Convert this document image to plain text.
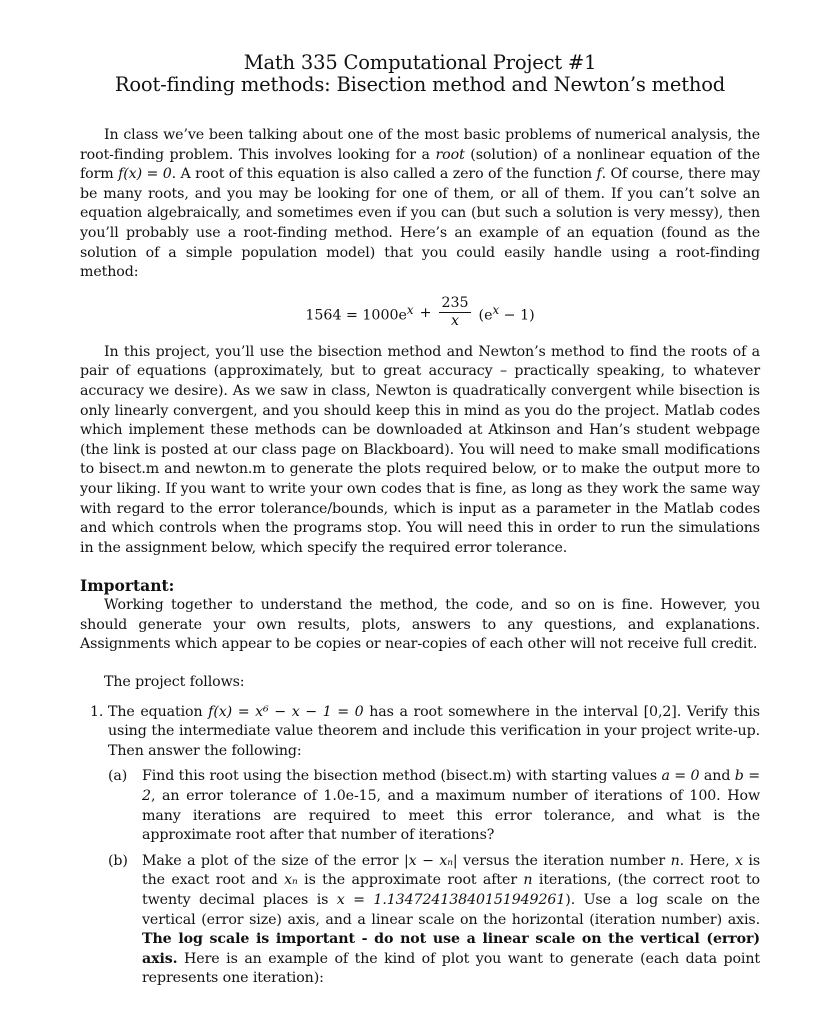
Math 335 Computational Project #1
Root-finding methods: Bisection method and Newton’s method

In class we’ve been talking about one of the most basic problems of numerical analysis, the root-finding problem. This involves looking for a root (solution) of a nonlinear equation of the form f(x) = 0. A root of this equation is also called a zero of the function f. Of course, there may be many roots, and you may be looking for one of them, or all of them. If you can’t solve an equation algebraically, and sometimes even if you can (but such a solution is very messy), then you’ll probably use a root-finding method. Here’s an example of an equation (found as the solution of a simple population model) that you could easily handle using a root-finding method:

$1564 = 1000e^x + \frac{235}{x} (e^x - 1)$

In this project, you’ll use the bisection method and Newton’s method to find the roots of a pair of equations (approximately, but to great accuracy – practically speaking, to whatever accuracy we desire). As we saw in class, Newton is quadratically convergent while bisection is only linearly convergent, and you should keep this in mind as you do the project. Matlab codes which implement these methods can be downloaded at Atkinson and Han’s student webpage (the link is posted at our class page on Blackboard). You will need to make small modifications to bisect.m and newton.m to generate the plots required below, or to make the output more to your liking. If you want to write your own codes that is fine, as long as they work the same way with regard to the error tolerance/bounds, which is input as a parameter in the Matlab codes and which controls when the programs stop. You will need this in order to run the simulations in the assignment below, which specify the required error tolerance.

Important:

Working together to understand the method, the code, and so on is fine. However, you should generate your own results, plots, answers to any questions, and explanations. Assignments which appear to be copies or near-copies of each other will not receive full credit.

The project follows:

1. The equation f(x) = x⁶ − x − 1 = 0 has a root somewhere in the interval [0,2]. Verify this using the intermediate value theorem and include this verification in your project write-up. Then answer the following:
(a) Find this root using the bisection method (bisect.m) with starting values a = 0 and b = 2, an error tolerance of 1.0e-15, and a maximum number of iterations of 100. How many iterations are required to meet this error tolerance, and what is the approximate root after that number of iterations?
(b) Make a plot of the size of the error |x − xₙ| versus the iteration number n. Here, x is the exact root and xₙ is the approximate root after n iterations, (the correct root to twenty decimal places is x = 1.13472413840151949261). Use a log scale on the vertical (error size) axis, and a linear scale on the horizontal (iteration number) axis. The log scale is important - do not use a linear scale on the vertical (error) axis. Here is an example of the kind of plot you want to generate (each data point represents one iteration):
